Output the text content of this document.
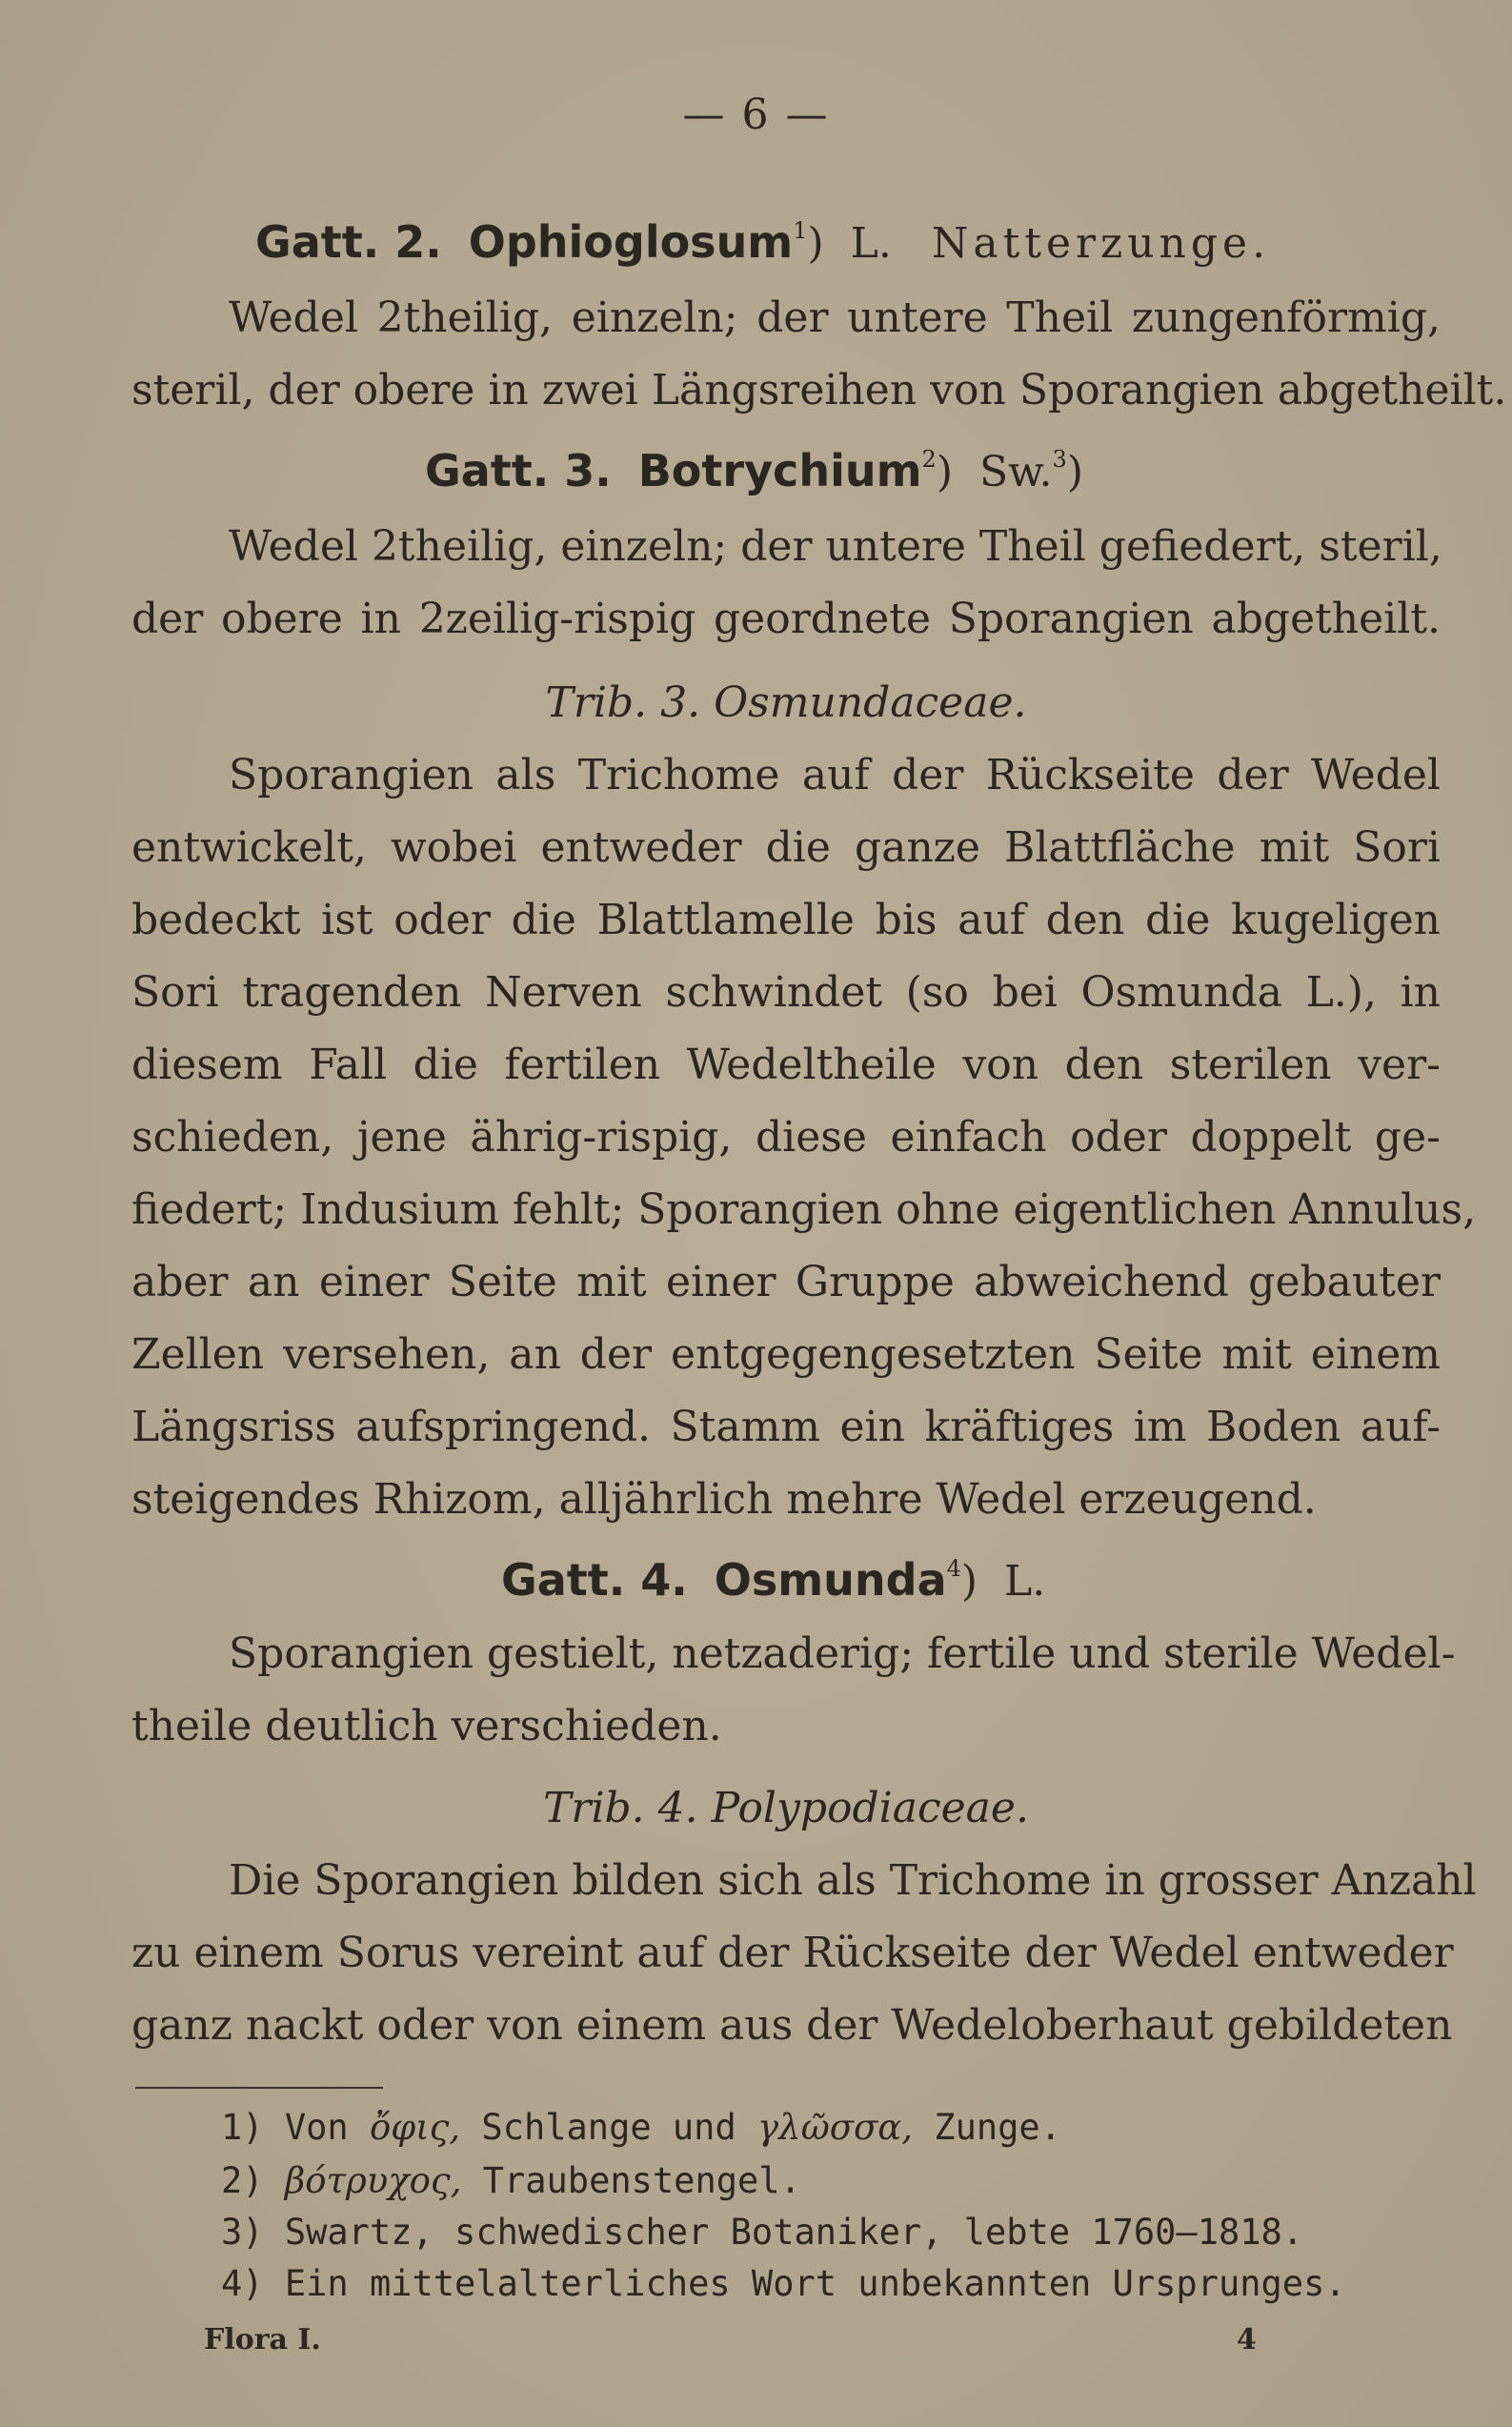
— 6 —
Gatt. 2. Ophioglosum$^1$)  L. Natterzunge.
Wedel 2theilig, einzeln; der untere Theil zungenförmig,
steril, der obere in zwei Längsreihen von Sporangien abgetheilt.
Gatt. 3. Botrychium$^2$)  Sw.$^3$)
Wedel 2theilig, einzeln; der untere Theil gefiedert, steril,
der obere in 2zeilig-rispig geordnete Sporangien abgetheilt.
Trib. 3. Osmundaceae.
Sporangien als Trichome auf der Rückseite der Wedel
entwickelt, wobei entweder die ganze Blattfläche mit Sori
bedeckt ist oder die Blattlamelle bis auf den die kugeligen
Sori tragenden Nerven schwindet (so bei Osmunda L.), in
diesem Fall die fertilen Wedeltheile von den sterilen ver-
schieden, jene ährig-rispig, diese einfach oder doppelt ge-
fiedert; Indusium fehlt; Sporangien ohne eigentlichen Annulus,
aber an einer Seite mit einer Gruppe abweichend gebauter
Zellen versehen, an der entgegengesetzten Seite mit einem
Längsriss aufspringend. Stamm ein kräftiges im Boden auf-
steigendes Rhizom, alljährlich mehre Wedel erzeugend.
Gatt. 4. Osmunda$^4$)  L.
Sporangien gestielt, netzaderig; fertile und sterile Wedel-
theile deutlich verschieden.
Trib. 4. Polypodiaceae.
Die Sporangien bilden sich als Trichome in grosser Anzahl
zu einem Sorus vereint auf der Rückseite der Wedel entweder
ganz nackt oder von einem aus der Wedeloberhaut gebildeten
1) Von ὄφις, Schlange und γλῶσσα, Zunge.
2) βότρυχος, Traubenstengel.
3) Swartz, schwedischer Botaniker, lebte 1760—1818.
4) Ein mittelalterliches Wort unbekannten Ursprunges.
Flora I.	4
